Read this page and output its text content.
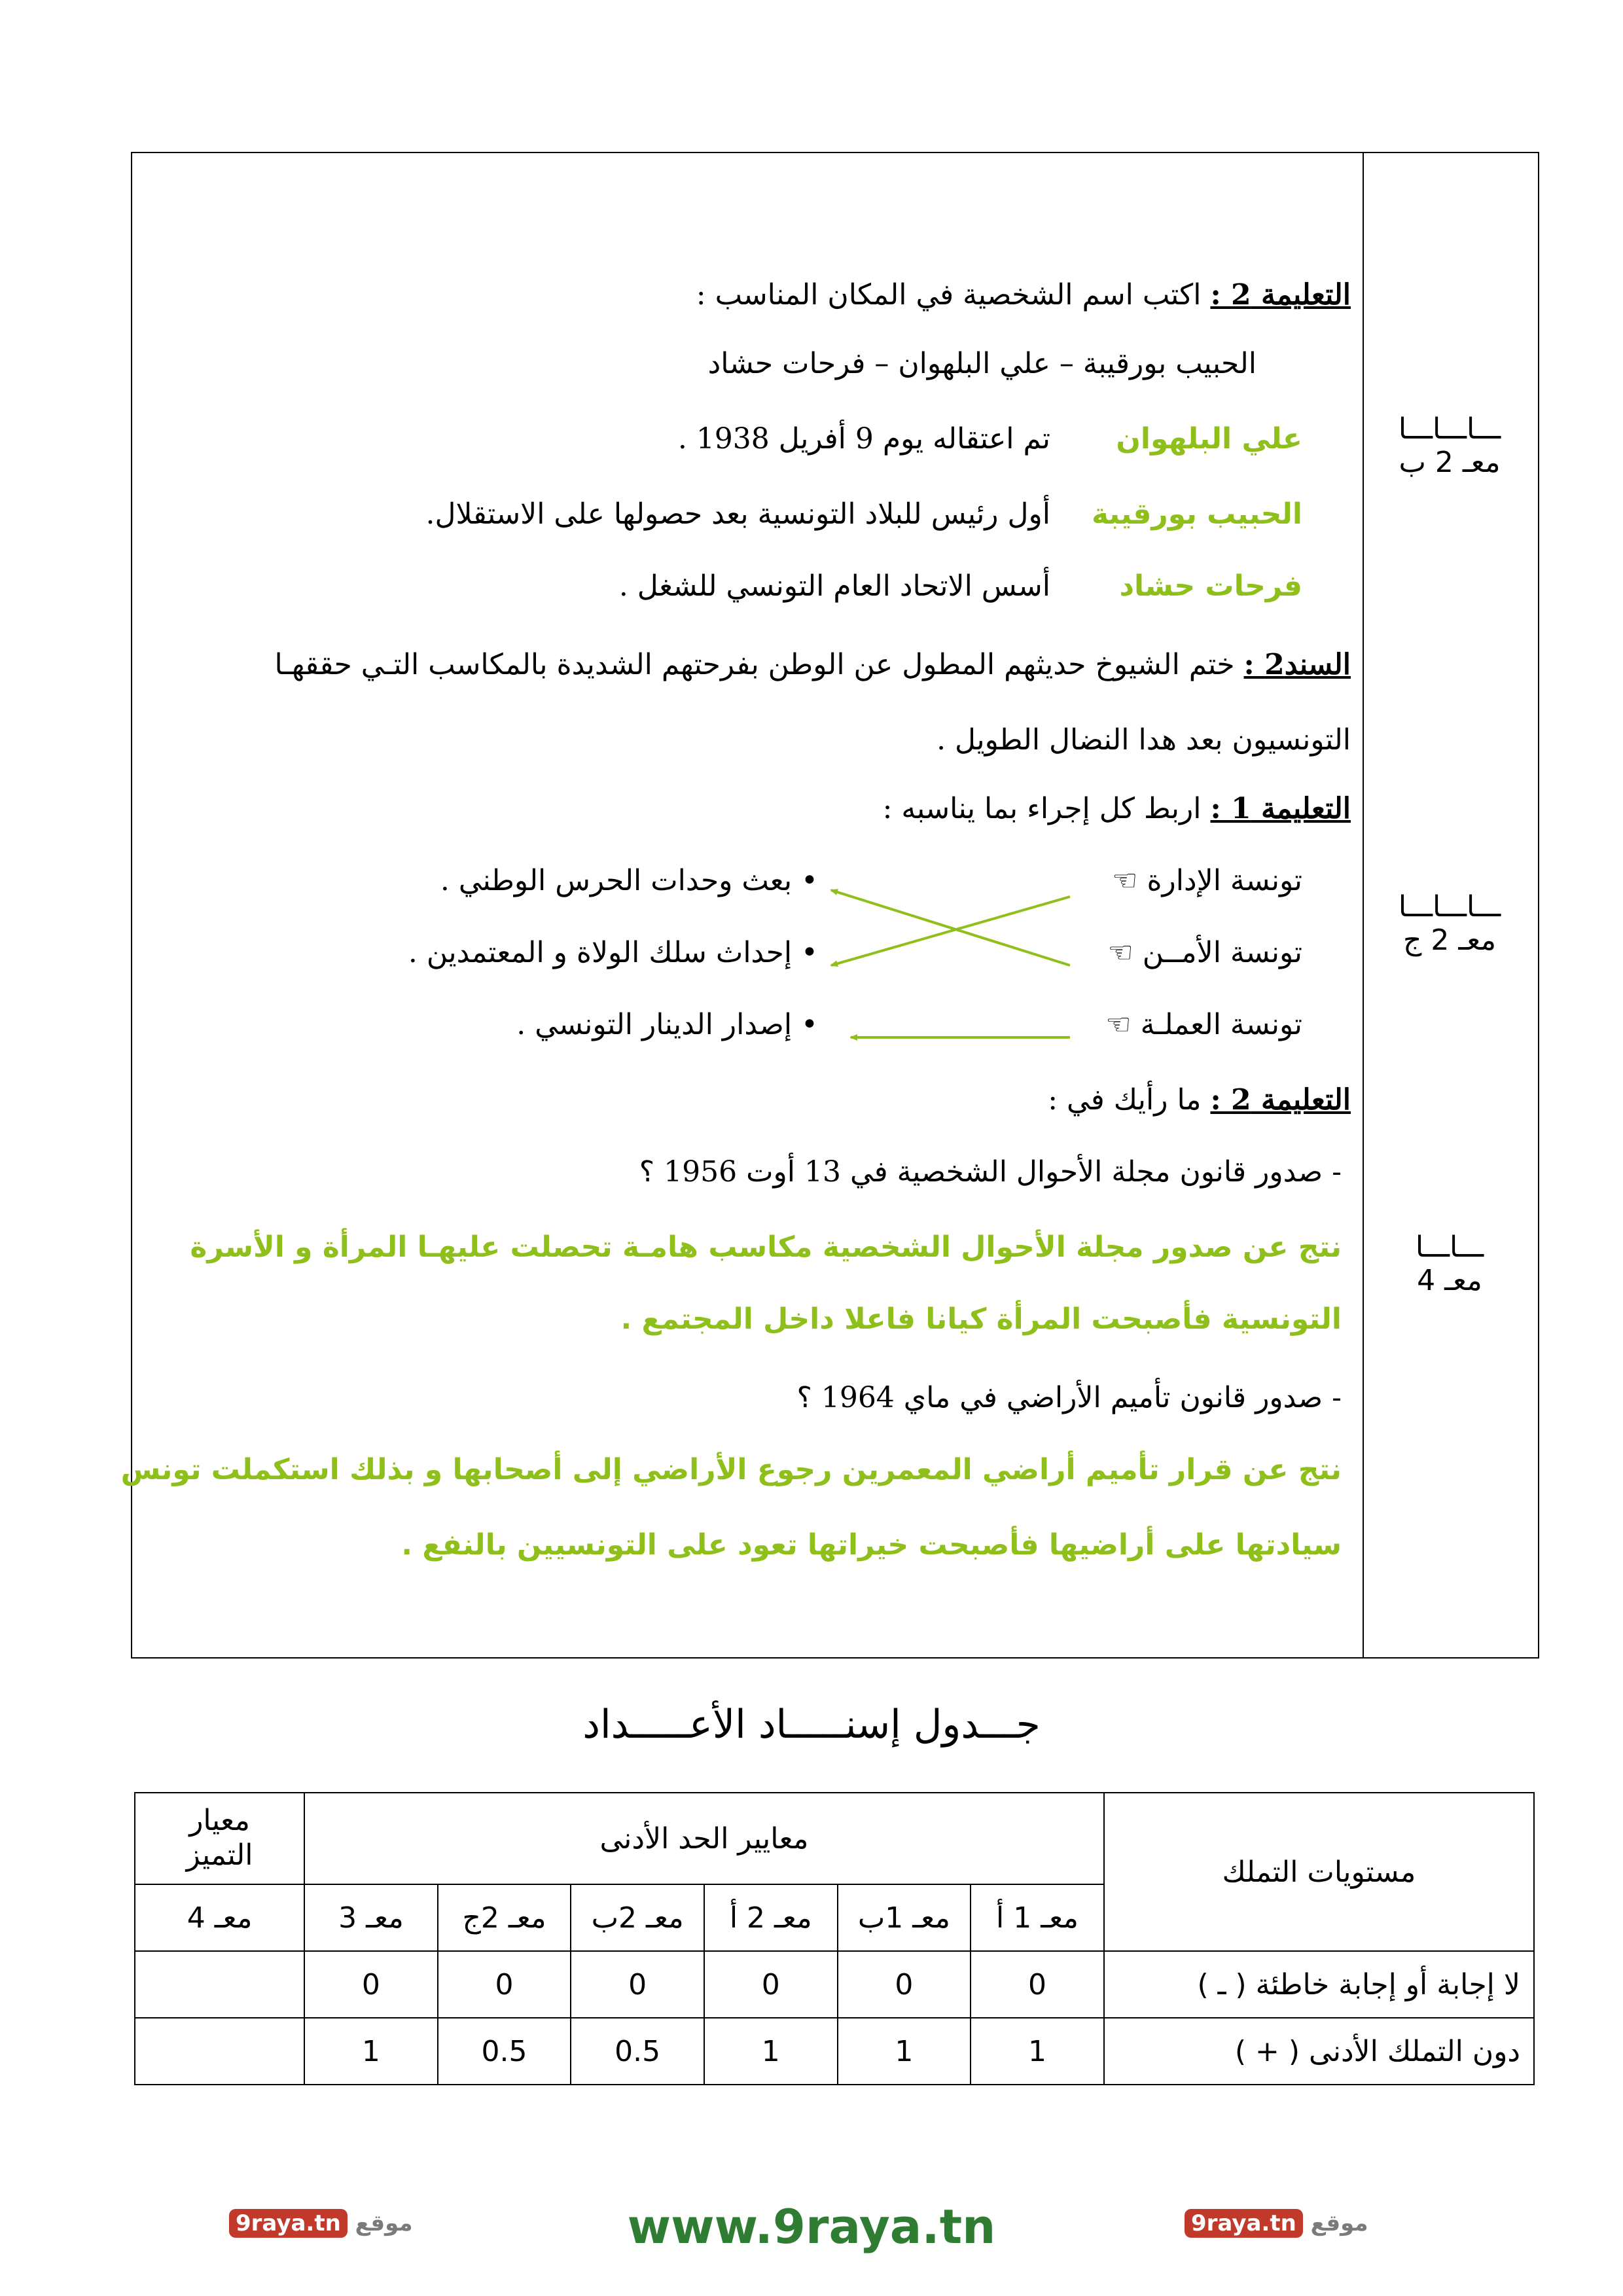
ـــاـــاـــا
معـ 2 ب
ـــاـــاـــا
معـ 2 ج
ـــاـــا
معـ 4
التعليمة 2 : اكتب اسم الشخصية في المكان المناسب :
الحبيب بورقيبة – علي البلهوان – فرحات حشاد
علي البلهوان
تم اعتقاله يوم 9 أفريل 1938 .
الحبيب بورقيبة
أول رئيس للبلاد التونسية بعد حصولها على الاستقلال.
فرحات حشاد
أسس الاتحاد العام التونسي للشغل .
السند2 : ختم الشيوخ حديثهم المطول عن الوطن بفرحتهم الشديدة بالمكاسب التـي حققهـا
التونسيون بعد هدا النضال الطويل .
التعليمة 1 : اربط كل إجراء بما يناسبه :
تونسة الإدارة ☜
تونسة الأمــن ☜
تونسة العملـة ☜
• بعث وحدات الحرس الوطني .
• إحداث سلك الولاة و المعتمدين .
• إصدار الدينار التونسي .
التعليمة 2 : ما رأيك في :
- صدور قانون مجلة الأحوال الشخصية في 13 أوت 1956 ؟
نتج عن صدور مجلة الأحوال الشخصية مكاسب هامـة تحصلت عليهـا المرأة و الأسرة
التونسية فأصبحت المرأة كيانا فاعلا داخل المجتمع .
- صدور قانون تأميم الأراضي في ماي 1964 ؟
نتج عن قرار تأميم أراضي المعمرين رجوع الأراضي إلى أصحابها و بذلك استكملت تونس
سيادتها على أراضيها فأصبحت خيراتها تعود على التونسيين بالنفع .
جـــدول إسنـــــاد الأعـــــداد
مستويات التملك	معايير الحد الأدنى						معيار
التميز

	معـ 1 أ	معـ 1ب	معـ 2 أ	معـ 2ب	معـ 2ج	معـ 3	معـ 4
لا إجابة أو إجابة خاطئة ( ـ )	0	0	0	0	0	0	
دون التملك الأدنى ( + )	1	1	1	0.5	0.5	1	
9raya.tn موقع	www.9raya.tn	9raya.tn موقع
